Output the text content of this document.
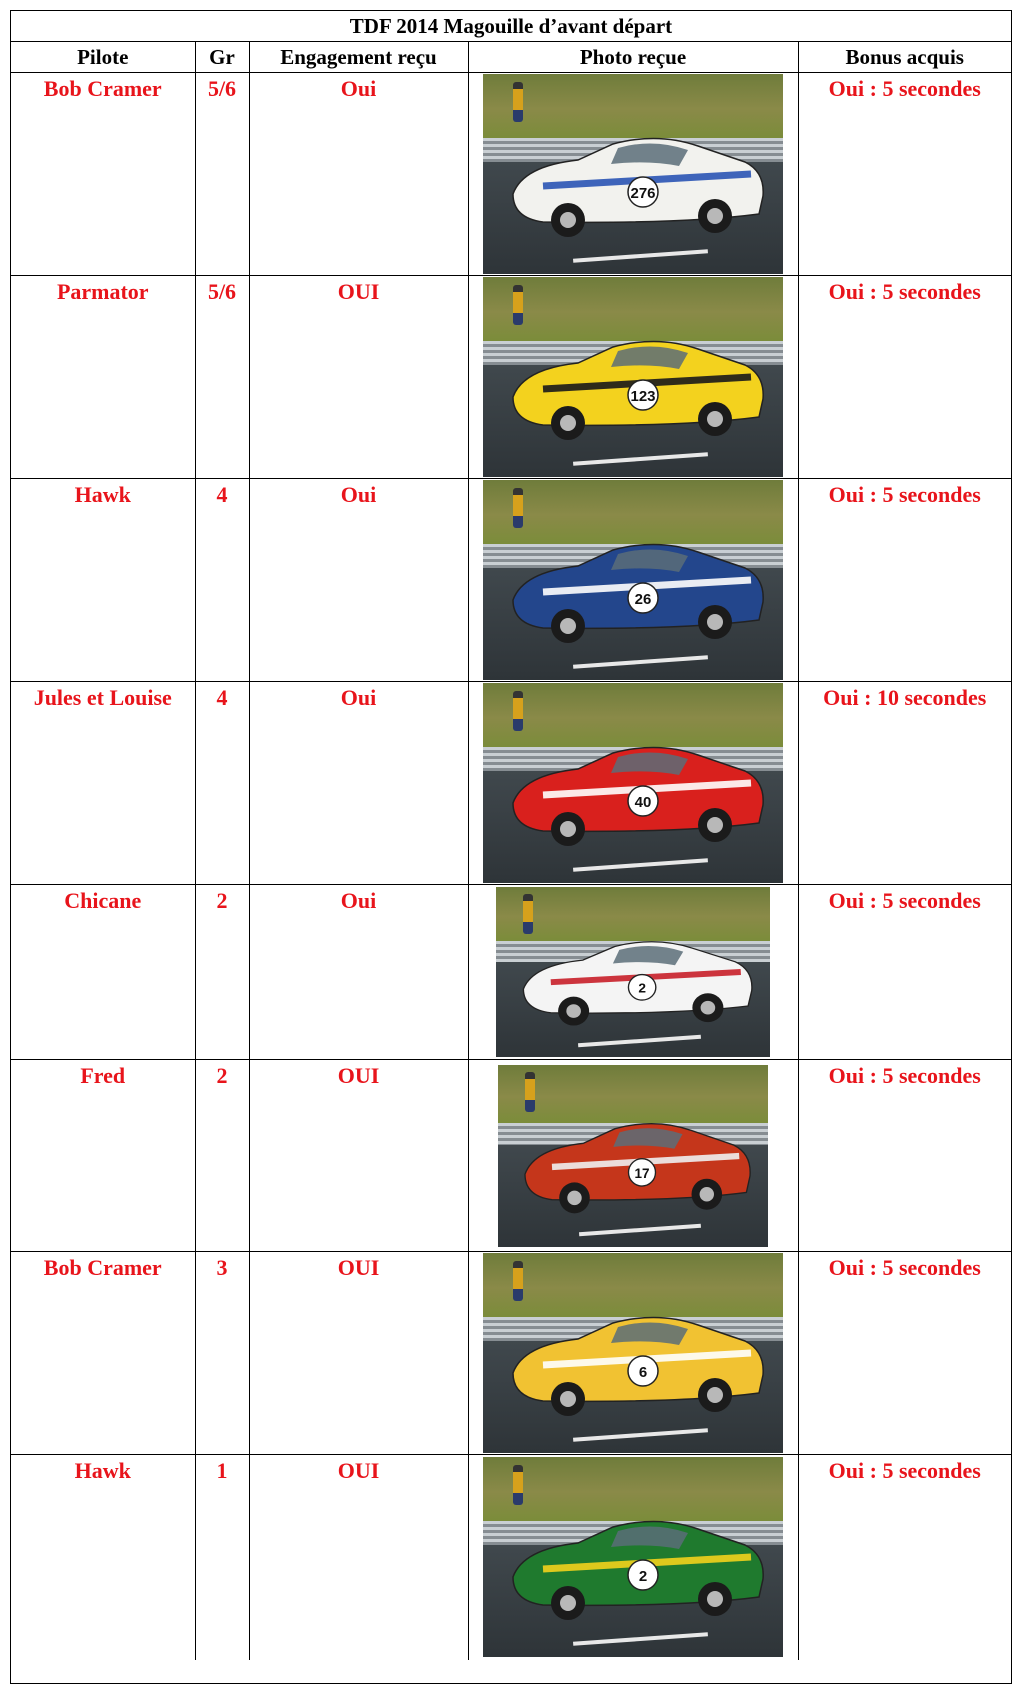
TDF 2014 Magouille d’avant départ
Pilote	Gr	Engagement reçu	Photo reçue	Bonus acquis
Bob Cramer	5/6	Oui	276	Oui : 5 secondes
Parmator	5/6	OUI	123	Oui : 5 secondes
Hawk	4	Oui	26	Oui : 5 secondes
Jules et Louise	4	Oui	40	Oui : 10 secondes
Chicane	2	Oui	2	Oui : 5 secondes
Fred	2	OUI	17	Oui : 5 secondes
Bob Cramer	3	OUI	6	Oui : 5 secondes
Hawk	1	OUI	2	Oui : 5 secondes
